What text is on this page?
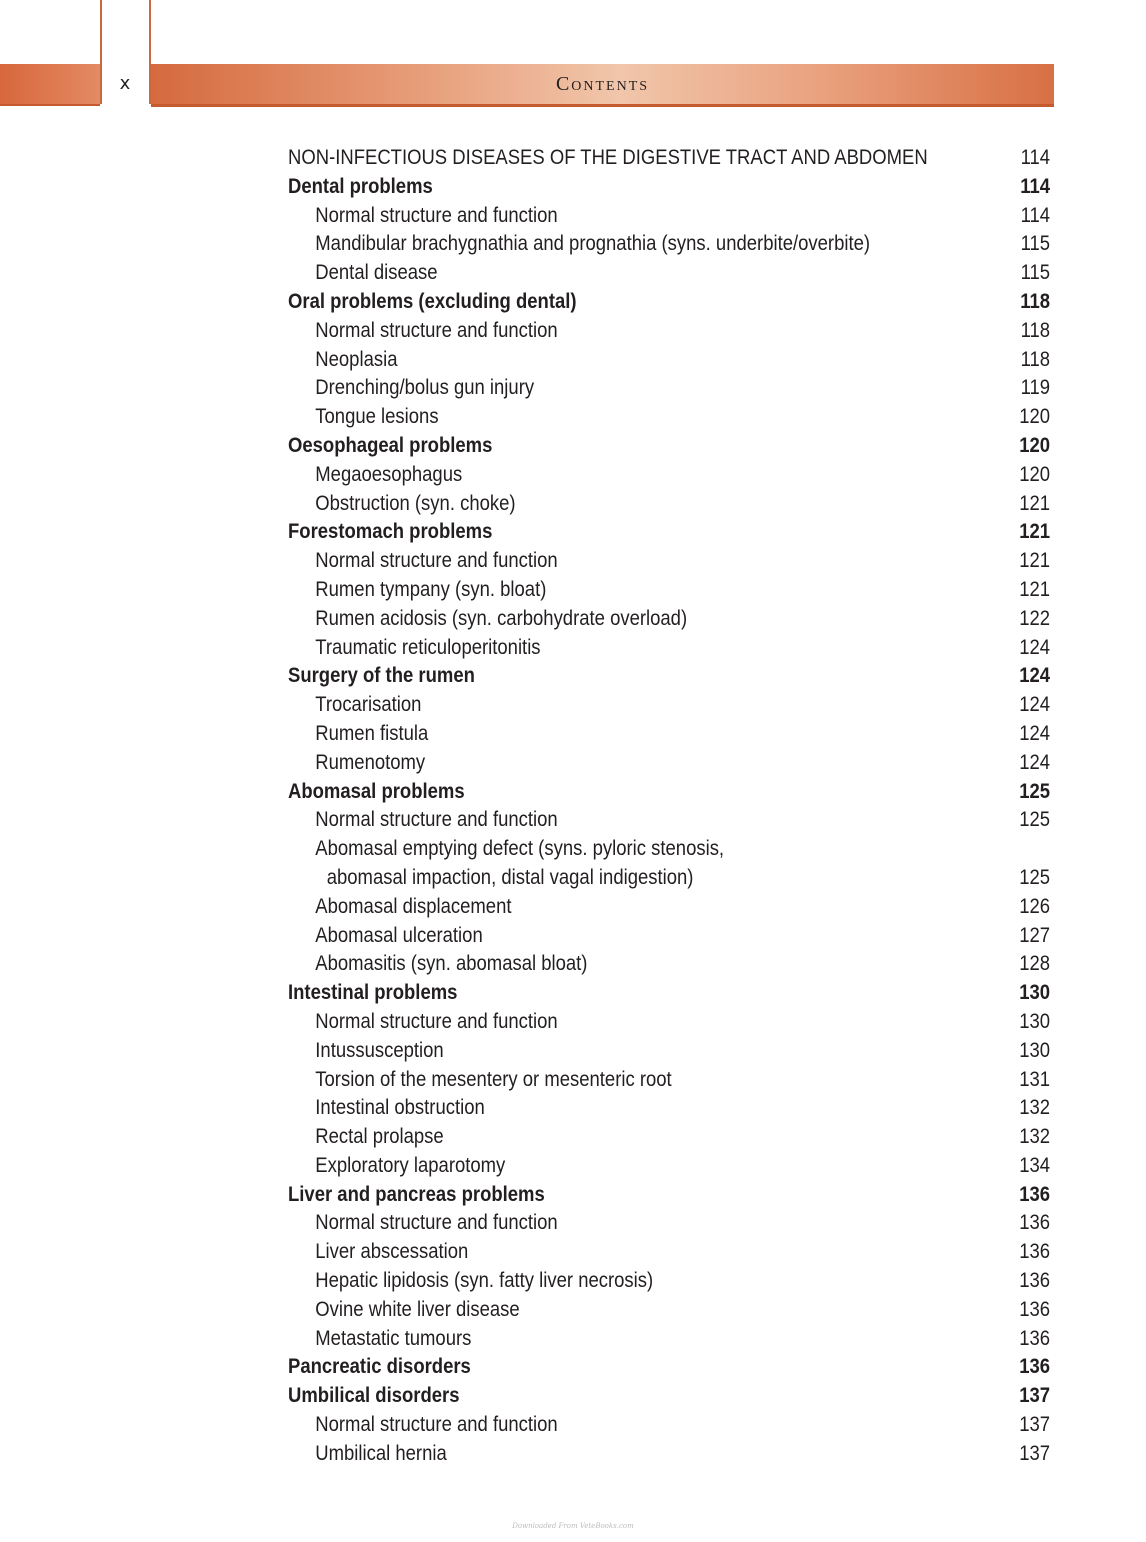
x	Contents
NON-INFECTIOUS DISEASES OF THE DIGESTIVE TRACT AND ABDOMEN	114
Dental problems	114
Normal structure and function	114
Mandibular brachygnathia and prognathia (syns. underbite/overbite)	115
Dental disease	115
Oral problems (excluding dental)	118
Normal structure and function	118
Neoplasia	118
Drenching/bolus gun injury	119
Tongue lesions	120
Oesophageal problems	120
Megaoesophagus	120
Obstruction (syn. choke)	121
Forestomach problems	121
Normal structure and function	121
Rumen tympany (syn. bloat)	121
Rumen acidosis (syn. carbohydrate overload)	122
Traumatic reticuloperitonitis	124
Surgery of the rumen	124
Trocarisation	124
Rumen fistula	124
Rumenotomy	124
Abomasal problems	125
Normal structure and function	125
Abomasal emptying defect (syns. pyloric stenosis,
abomasal impaction, distal vagal indigestion)	125
Abomasal displacement	126
Abomasal ulceration	127
Abomasitis (syn. abomasal bloat)	128
Intestinal problems	130
Normal structure and function	130
Intussusception	130
Torsion of the mesentery or mesenteric root	131
Intestinal obstruction	132
Rectal prolapse	132
Exploratory laparotomy	134
Liver and pancreas problems	136
Normal structure and function	136
Liver abscessation	136
Hepatic lipidosis (syn. fatty liver necrosis)	136
Ovine white liver disease	136
Metastatic tumours	136
Pancreatic disorders	136
Umbilical disorders	137
Normal structure and function	137
Umbilical hernia	137
Downloaded From VeteBooks.com
